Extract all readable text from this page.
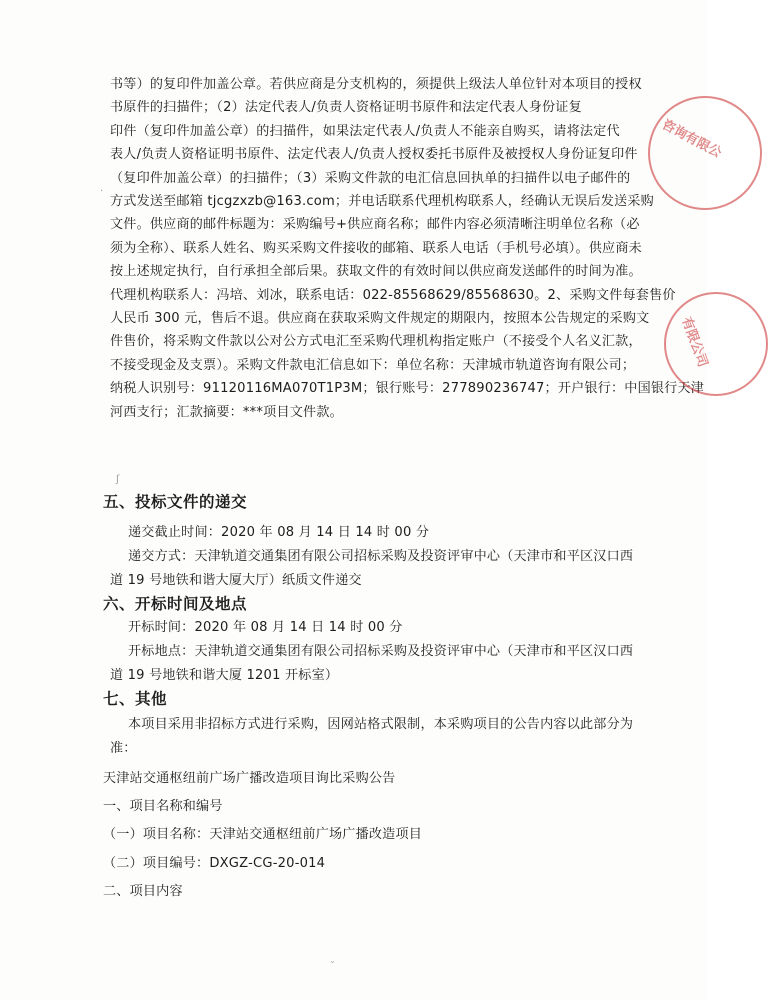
书等）的复印件加盖公章。若供应商是分支机构的，须提供上级法人单位针对本项目的授权
书原件的扫描件；（2）法定代表人/负责人资格证明书原件和法定代表人身份证复
印件（复印件加盖公章）的扫描件，如果法定代表人/负责人不能亲自购买，请将法定代
表人/负责人资格证明书原件、法定代表人/负责人授权委托书原件及被授权人身份证复印件
（复印件加盖公章）的扫描件；（3）采购文件款的电汇信息回执单的扫描件以电子邮件的
方式发送至邮箱 tjcgzxzb@163.com；并电话联系代理机构联系人，经确认无误后发送采购
文件。供应商的邮件标题为：采购编号+供应商名称；邮件内容必须清晰注明单位名称（必
须为全称）、联系人姓名、购买采购文件接收的邮箱、联系人电话（手机号必填）。供应商未
按上述规定执行，自行承担全部后果。获取文件的有效时间以供应商发送邮件的时间为准。
代理机构联系人：冯培、刘冰，联系电话：022-85568629/85568630。2、采购文件每套售价
人民币 300 元，售后不退。供应商在获取采购文件规定的期限内，按照本公告规定的采购文
件售价，将采购文件款以公对公方式电汇至采购代理机构指定账户（不接受个人名义汇款，
不接受现金及支票）。采购文件款电汇信息如下：单位名称：天津城市轨道咨询有限公司；
纳税人识别号：91120116MA070T1P3M；银行账号：277890236747；开户银行：中国银行天津
河西支行；汇款摘要：***项目文件款。
五、投标文件的递交
递交截止时间：2020 年 08 月 14 日 14 时 00 分
递交方式：天津轨道交通集团有限公司招标采购及投资评审中心（天津市和平区汉口西
道 19 号地铁和谐大厦大厅）纸质文件递交
六、开标时间及地点
开标时间：2020 年 08 月 14 日 14 时 00 分
开标地点：天津轨道交通集团有限公司招标采购及投资评审中心（天津市和平区汉口西
道 19 号地铁和谐大厦 1201 开标室）
七、其他
本项目采用非招标方式进行采购，因网站格式限制，本采购项目的公告内容以此部分为
准：
天津站交通枢纽前广场广播改造项目询比采购公告
一、项目名称和编号
（一）项目名称：天津站交通枢纽前广场广播改造项目
（二）项目编号：DXGZ-CG-20-014
二、项目内容
咨询有限公
有限公司
·
ʃ
ˇ
